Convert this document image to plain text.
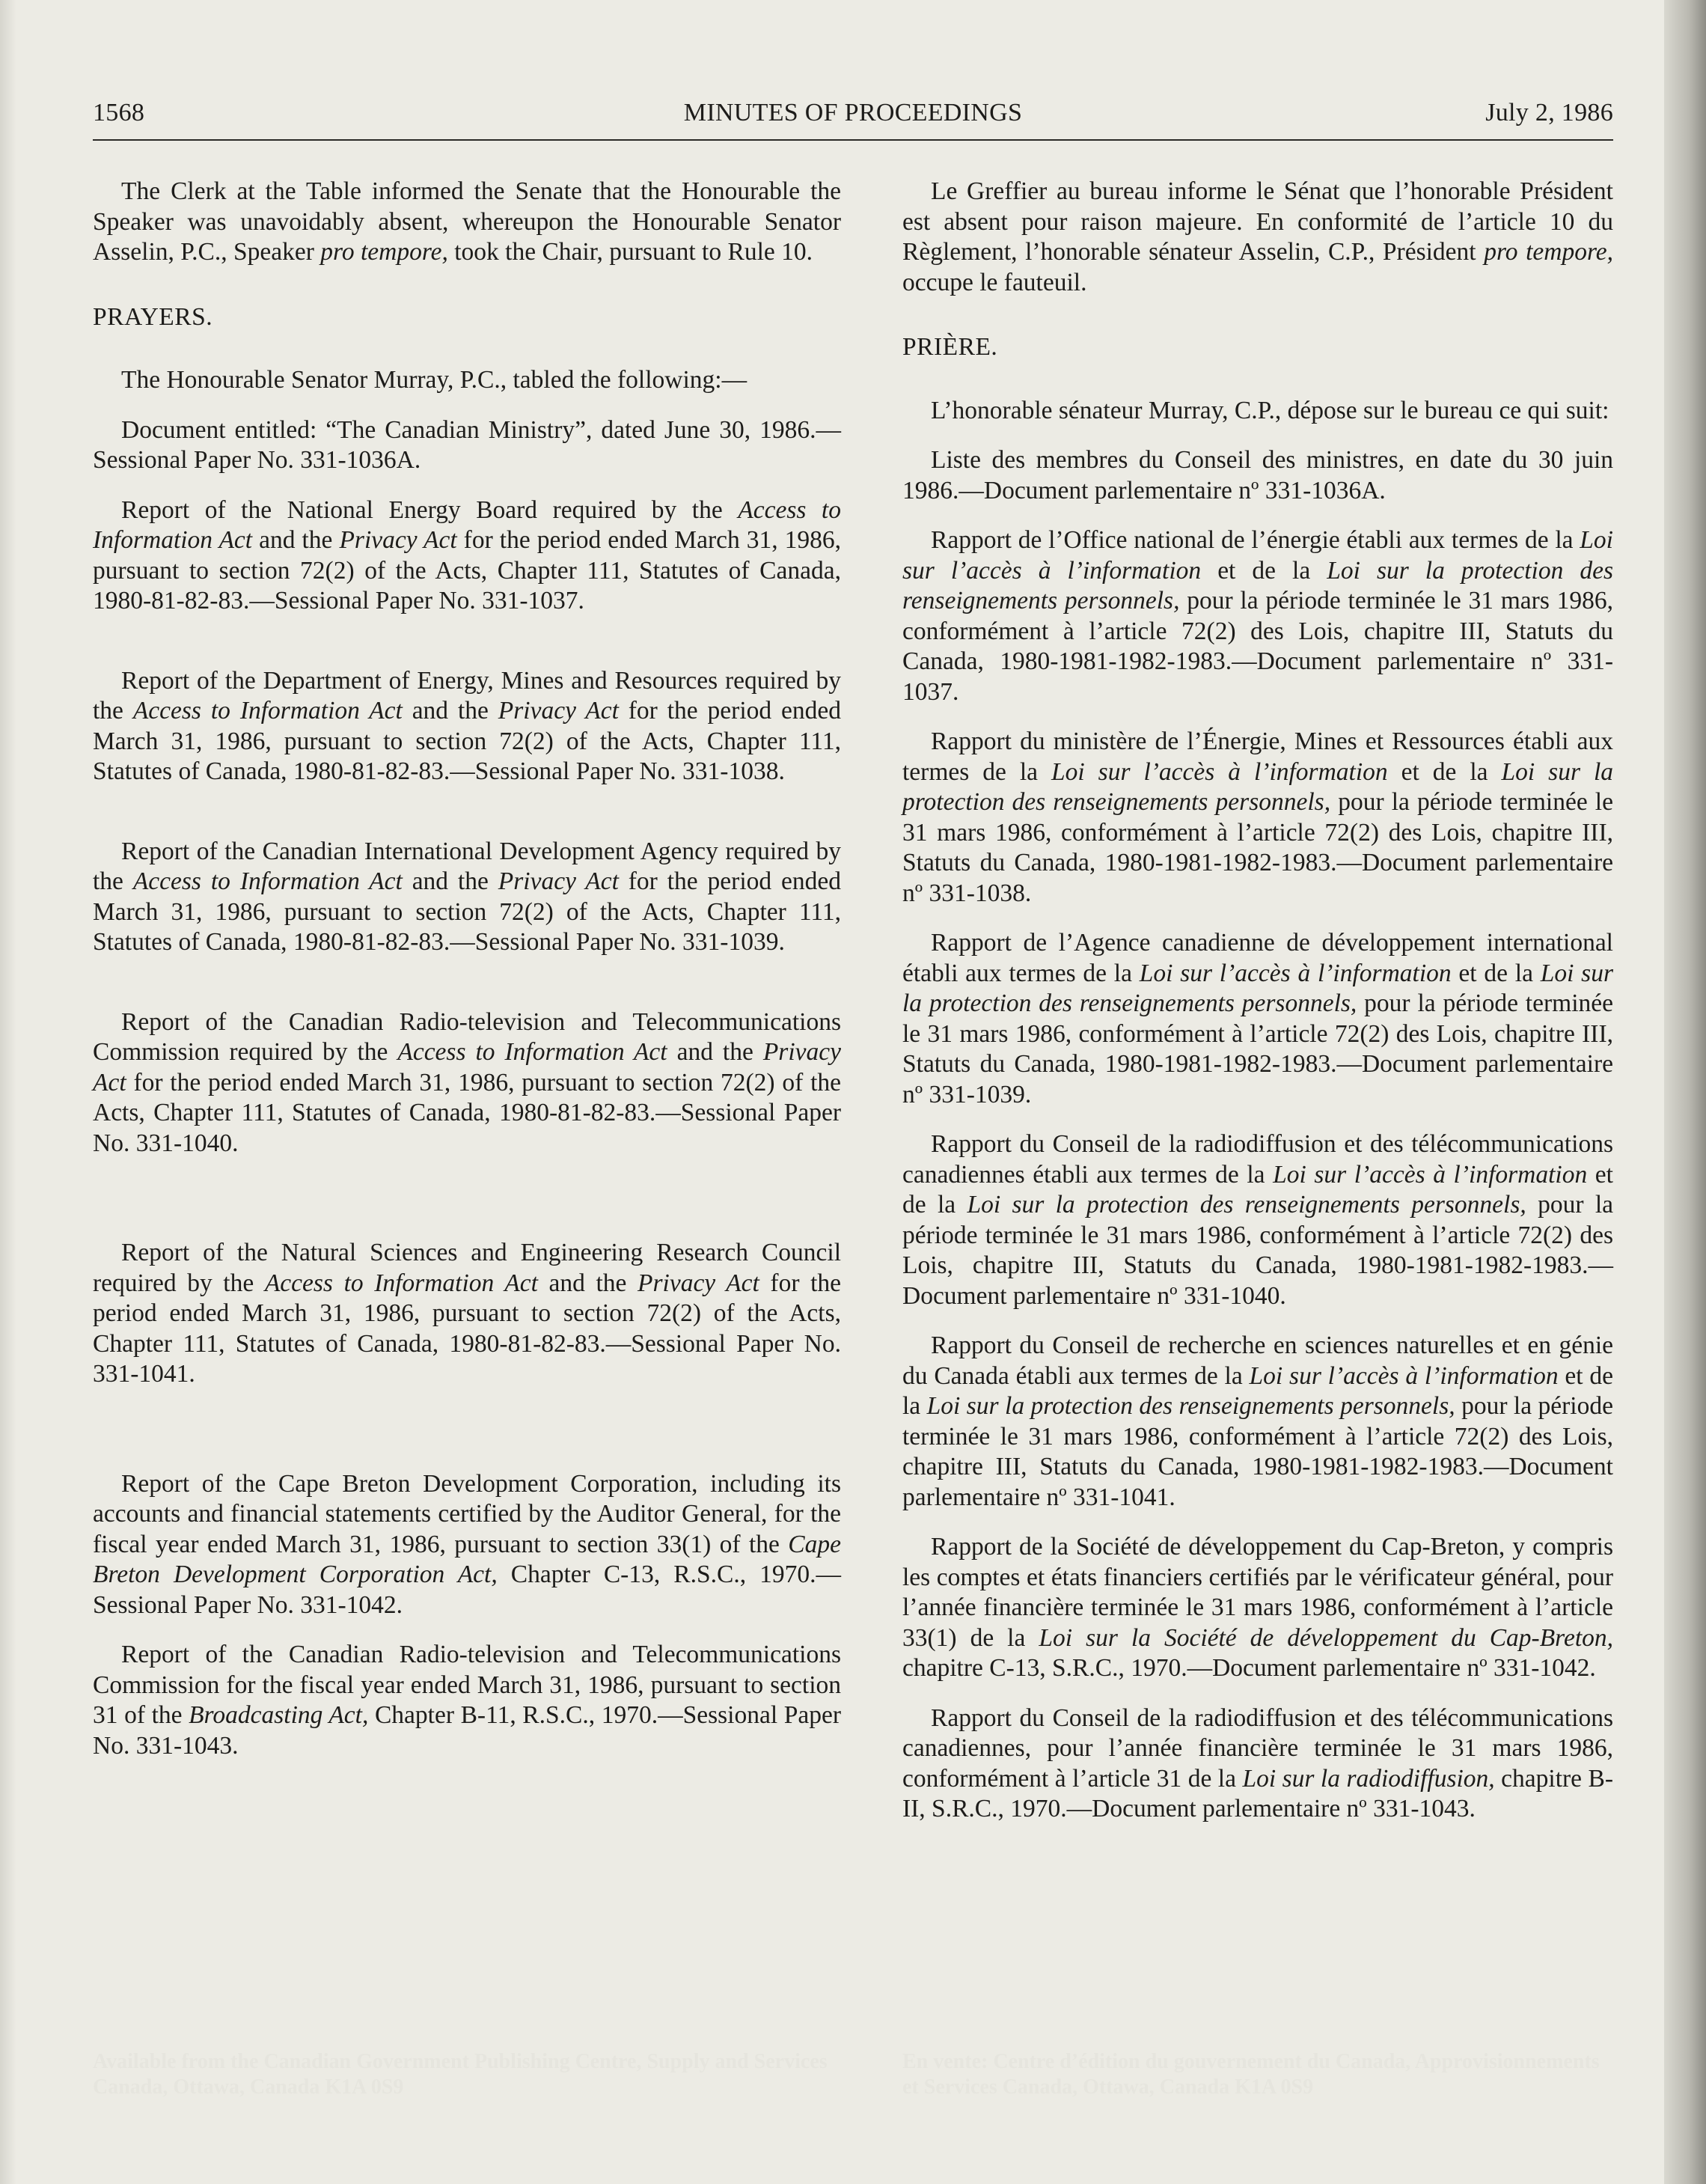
1568	MINUTES OF PROCEEDINGS	July 2, 1986

The Clerk at the Table informed the Senate that the Honourable the Speaker was unavoidably absent, whereupon the Honourable Senator Asselin, P.C., Speaker pro tempore, took the Chair, pursuant to Rule 10.

PRAYERS.

The Honourable Senator Murray, P.C., tabled the following:—

Document entitled: “The Canadian Ministry”, dated June 30, 1986.—Sessional Paper No. 331-1036A.

Report of the National Energy Board required by the Access to Information Act and the Privacy Act for the period ended March 31, 1986, pursuant to section 72(2) of the Acts, Chapter 111, Statutes of Canada, 1980-81-82-83.—Sessional Paper No. 331-1037.

Report of the Department of Energy, Mines and Resources required by the Access to Information Act and the Privacy Act for the period ended March 31, 1986, pursuant to section 72(2) of the Acts, Chapter 111, Statutes of Canada, 1980-81-82-83.—Sessional Paper No. 331-1038.

Report of the Canadian International Development Agency required by the Access to Information Act and the Privacy Act for the period ended March 31, 1986, pursuant to section 72(2) of the Acts, Chapter 111, Statutes of Canada, 1980-81-82-83.—Sessional Paper No. 331-1039.

Report of the Canadian Radio-television and Telecommunications Commission required by the Access to Information Act and the Privacy Act for the period ended March 31, 1986, pursuant to section 72(2) of the Acts, Chapter 111, Statutes of Canada, 1980-81-82-83.—Sessional Paper No. 331-1040.

Report of the Natural Sciences and Engineering Research Council required by the Access to Information Act and the Privacy Act for the period ended March 31, 1986, pursuant to section 72(2) of the Acts, Chapter 111, Statutes of Canada, 1980-81-82-83.—Sessional Paper No. 331-1041.

Report of the Cape Breton Development Corporation, including its accounts and financial statements certified by the Auditor General, for the fiscal year ended March 31, 1986, pursuant to section 33(1) of the Cape Breton Development Corporation Act, Chapter C-13, R.S.C., 1970.—Sessional Paper No. 331-1042.

Report of the Canadian Radio-television and Telecommunications Commission for the fiscal year ended March 31, 1986, pursuant to section 31 of the Broadcasting Act, Chapter B-11, R.S.C., 1970.—Sessional Paper No. 331-1043.

Le Greffier au bureau informe le Sénat que l’honorable Président est absent pour raison majeure. En conformité de l’article 10 du Règlement, l’honorable sénateur Asselin, C.P., Président pro tempore, occupe le fauteuil.

PRIÈRE.

L’honorable sénateur Murray, C.P., dépose sur le bureau ce qui suit:

Liste des membres du Conseil des ministres, en date du 30 juin 1986.—Document parlementaire nº 331-1036A.

Rapport de l’Office national de l’énergie établi aux termes de la Loi sur l’accès à l’information et de la Loi sur la protection des renseignements personnels, pour la période terminée le 31 mars 1986, conformément à l’article 72(2) des Lois, chapitre III, Statuts du Canada, 1980-1981-1982-1983.—Document parlementaire nº 331-1037.

Rapport du ministère de l’Énergie, Mines et Ressources établi aux termes de la Loi sur l’accès à l’information et de la Loi sur la protection des renseignements personnels, pour la période terminée le 31 mars 1986, conformément à l’article 72(2) des Lois, chapitre III, Statuts du Canada, 1980-1981-1982-1983.—Document parlementaire nº 331-1038.

Rapport de l’Agence canadienne de développement international établi aux termes de la Loi sur l’accès à l’information et de la Loi sur la protection des renseignements personnels, pour la période terminée le 31 mars 1986, conformément à l’article 72(2) des Lois, chapitre III, Statuts du Canada, 1980-1981-1982-1983.—Document parlementaire nº 331-1039.

Rapport du Conseil de la radiodiffusion et des télécommunications canadiennes établi aux termes de la Loi sur l’accès à l’information et de la Loi sur la protection des renseignements personnels, pour la période terminée le 31 mars 1986, conformément à l’article 72(2) des Lois, chapitre III, Statuts du Canada, 1980-1981-1982-1983.—Document parlementaire nº 331-1040.

Rapport du Conseil de recherche en sciences naturelles et en génie du Canada établi aux termes de la Loi sur l’accès à l’information et de la Loi sur la protection des renseignements personnels, pour la période terminée le 31 mars 1986, conformément à l’article 72(2) des Lois, chapitre III, Statuts du Canada, 1980-1981-1982-1983.—Document parlementaire nº 331-1041.

Rapport de la Société de développement du Cap-Breton, y compris les comptes et états financiers certifiés par le vérificateur général, pour l’année financière terminée le 31 mars 1986, conformément à l’article 33(1) de la Loi sur la Société de développement du Cap-Breton, chapitre C-13, S.R.C., 1970.—Document parlementaire nº 331-1042.

Rapport du Conseil de la radiodiffusion et des télécommunications canadiennes, pour l’année financière terminée le 31 mars 1986, conformément à l’article 31 de la Loi sur la radiodiffusion, chapitre B-II, S.R.C., 1970.—Document parlementaire nº 331-1043.

Available from the Canadian Government Publishing Centre, Supply and Services Canada, Ottawa, Canada K1A 0S9
En vente: Centre d’édition du gouvernement du Canada, Approvisionnements et Services Canada, Ottawa, Canada K1A 0S9
